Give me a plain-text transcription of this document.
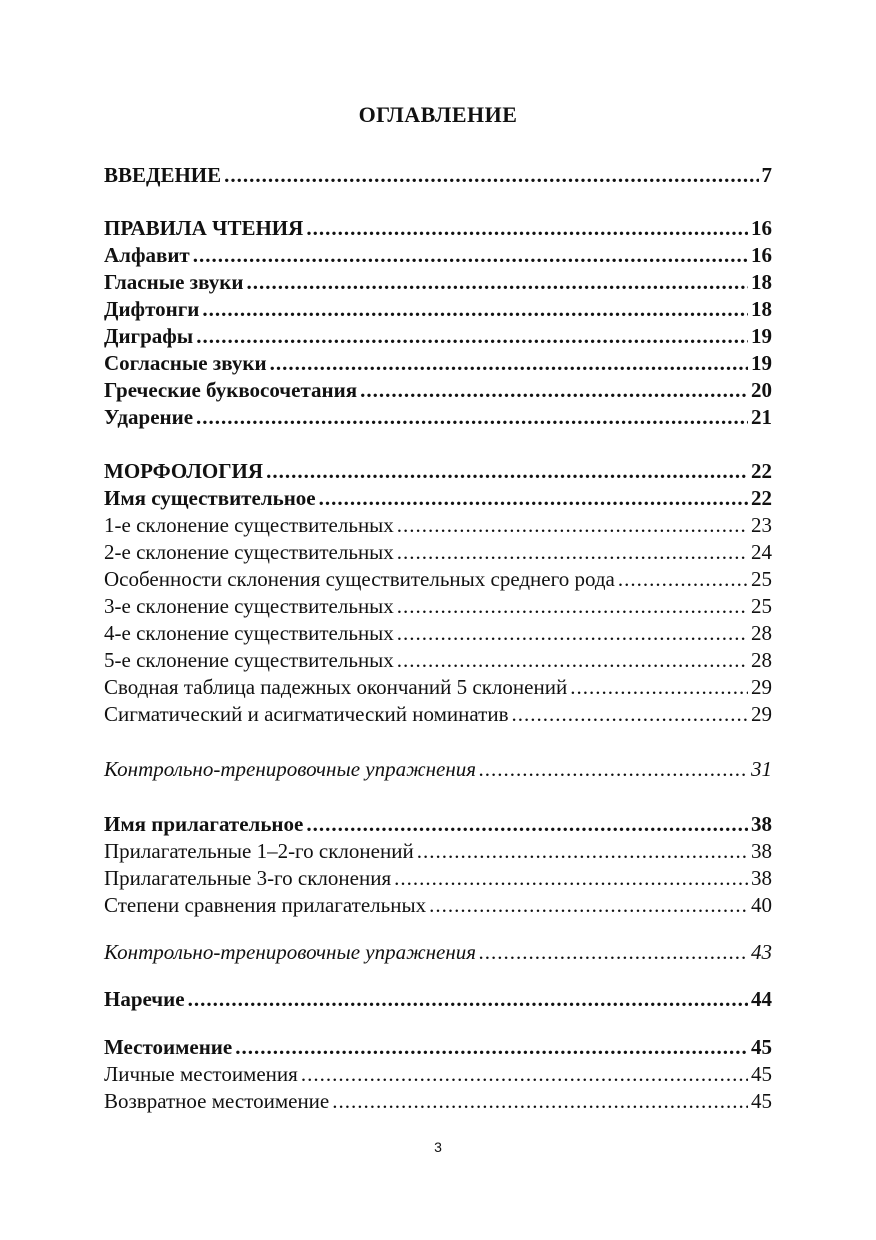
ОГЛАВЛЕНИЕ
ВВЕДЕНИЕ .....	7
ПРАВИЛА ЧТЕНИЯ .....	16
Алфавит .....	16
Гласные звуки .....	18
Дифтонги .....	18
Диграфы .....	19
Согласные звуки .....	19
Греческие буквосочетания .....	20
Ударение .....	21
МОРФОЛОГИЯ .....	22
Имя существительное .....	22
1-е склонение существительных .....	23
2-е склонение существительных .....	24
Особенности склонения существительных среднего рода .....	25
3-е склонение существительных .....	25
4-е склонение существительных .....	28
5-е склонение существительных .....	28
Сводная таблица падежных окончаний 5 склонений .....	29
Сигматический и асигматический номинатив .....	29
Контрольно-тренировочные упражнения .....	31
Имя прилагательное .....	38
Прилагательные 1–2-го склонений .....	38
Прилагательные 3-го склонения .....	38
Степени сравнения прилагательных .....	40
Контрольно-тренировочные упражнения .....	43
Наречие .....	44
Местоимение .....	45
Личные местоимения .....	45
Возвратное местоимение .....	45
3
